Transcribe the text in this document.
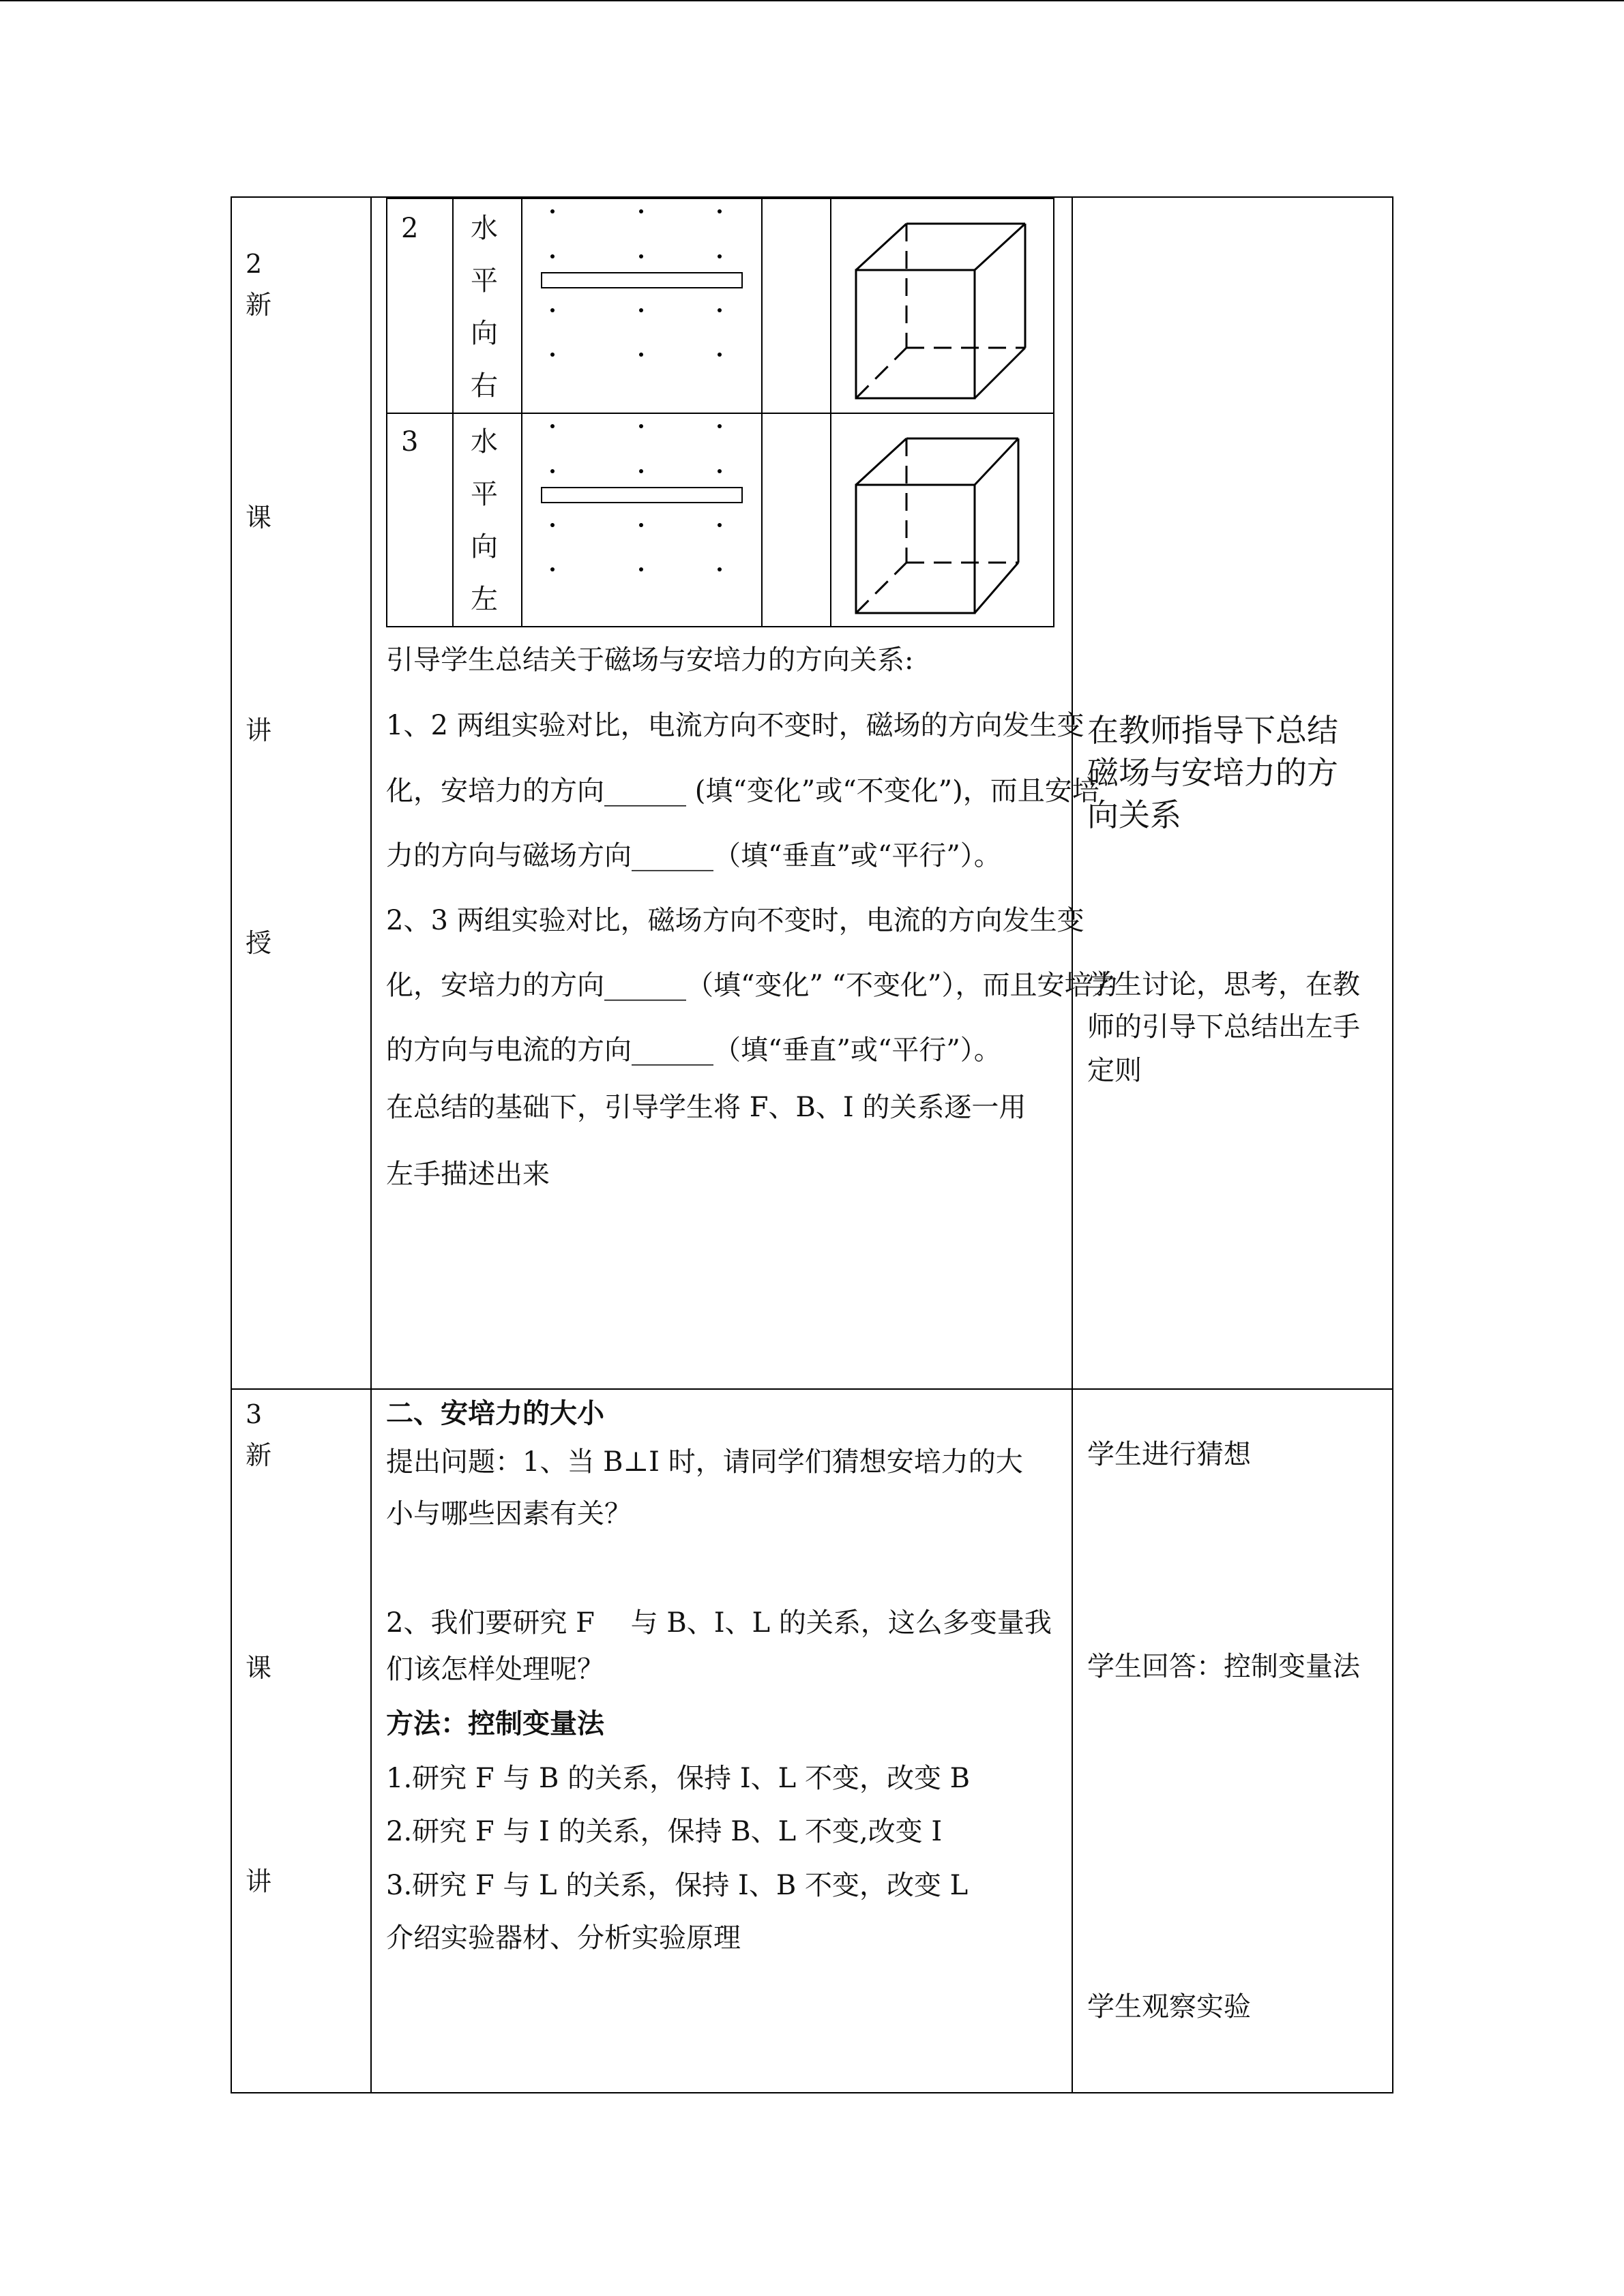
2
新
课
讲
授
2 水
平
向
右
3 水
平
向
左
引导学生总结关于磁场与安培力的方向关系:
1、2 两组实验对比，电流方向不变时，磁场的方向发生变
化，安培力的方向______ (填“变化”或“不变化”)，而且安培
力的方向与磁场方向______（填“垂直”或“平行”）。
2、3 两组实验对比，磁场方向不变时，电流的方向发生变
化，安培力的方向______（填“变化” “不变化”），而且安培力
的方向与电流的方向______（填“垂直”或“平行”）。
在总结的基础下，引导学生将 F、B、I 的关系逐一用
左手描述出来
在教师指导下总结
磁场与安培力的方
向关系
学生讨论，思考，在教
师的引导下总结出左手
定则
3
新
课
讲
二、安培力的大小
提出问题：1、当 B⊥I 时，请同学们猜想安培力的大
小与哪些因素有关？
2、我们要研究 F　 与 B、I、L 的关系，这么多变量我
们该怎样处理呢？
方法：控制变量法
1.研究 F 与 B 的关系，保持 I、L 不变，改变 B
2.研究 F 与 I 的关系，保持 B、L 不变,改变 I
3.研究 F 与 L 的关系，保持 I、B 不变，改变 L
介绍实验器材、分析实验原理
学生进行猜想
学生回答：控制变量法
学生观察实验
